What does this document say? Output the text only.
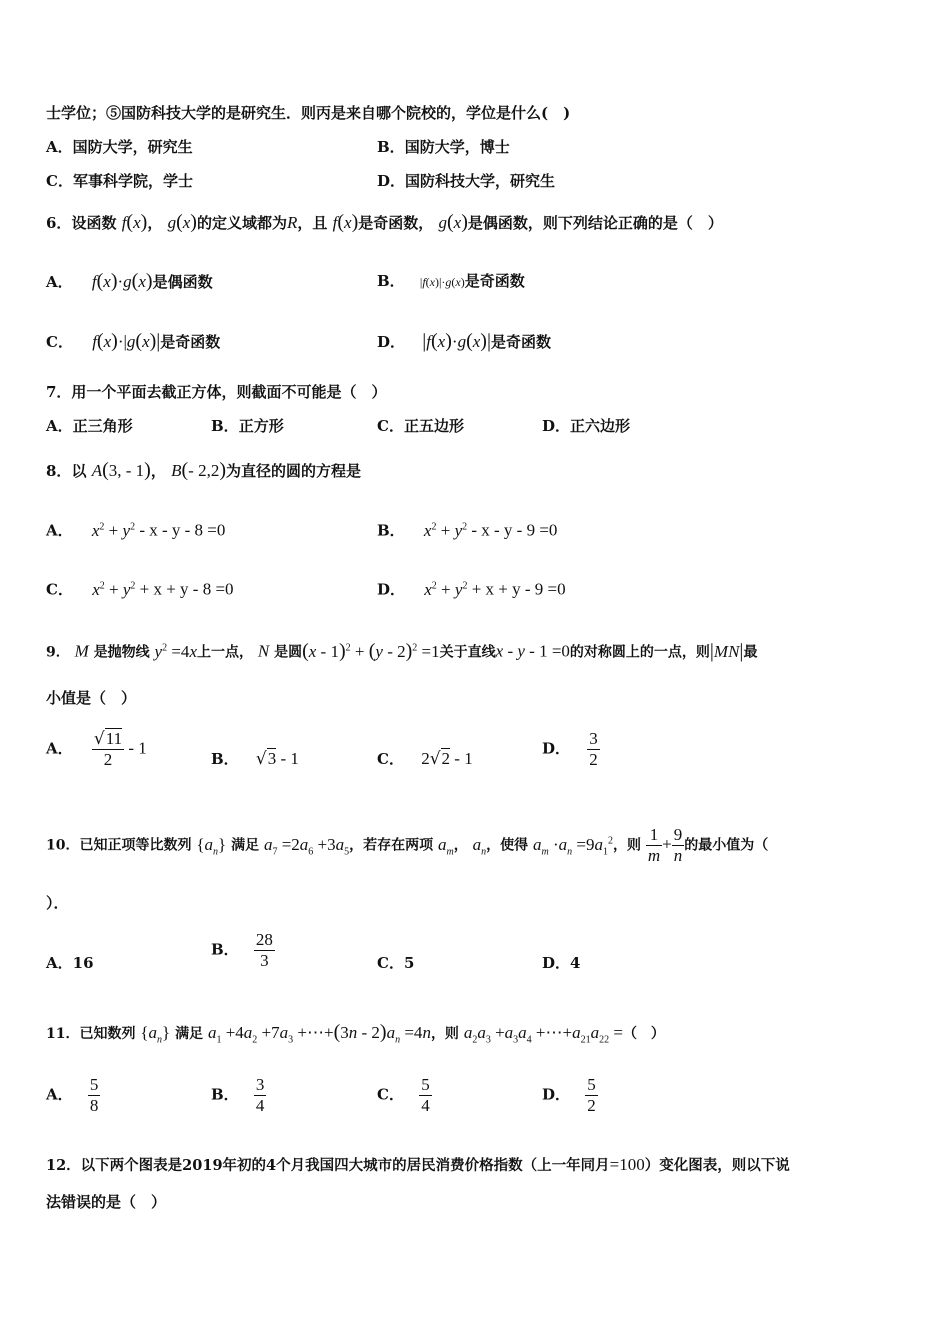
士学位；⑤国防科技大学的是研究生．则丙是来自哪个院校的，学位是什么(　)
A．国防大学，研究生	B．国防大学，博士
C．军事科学院，学士	D．国防科技大学，研究生
6．设函数 f(x)， g(x)的定义域都为R，且 f(x)是奇函数， g(x)是偶函数，则下列结论正确的是（　）
A． f(x)·g(x)是偶函数	B． |f(x)|·g(x)是奇函数
C． f(x)·|g(x)|是奇函数	D． |f(x)·g(x)|是奇函数
7．用一个平面去截正方体，则截面不可能是（　）
A．正三角形	B．正方形	C．正五边形	D．正六边形
8．以 A(3, - 1)， B(- 2,2)为直径的圆的方程是
A． $x^2 + y^2 - x - y - 8 =0$	B． $x^2 + y^2 - x - y - 9 =0$
C． $x^2 + y^2 + x + y - 8 =0$	D． $x^2 + y^2 + x + y - 9 =0$
9． M 是抛物线 $y^2 =4x$上一点， N 是圆(x - 1)$^2$ + (y - 2)$^2$ =1关于直线x - y - 1 =0的对称圆上的一点，则|MN|最
小值是（　）
A． $\frac{√11}{2} - 1$
B． √3 - 1	C． 2√2 - 1
D． $\frac{3}{2}$
10．已知正项等比数列 $\{a_n\}$ 满足 $a_7 =2a_6 +3a_5$，若存在两项 $a_m$， $a_n$，使得 $a_m \cdot a_n =9a_1^2$，则 $\frac{1}{m} + \frac{9}{n}$ 的最小值为（
）．
A．16
B． $\frac{28}{3}$	C．5	D．4
11．已知数列 $\{a_n\}$ 满足 $a_1 +4a_2 +7a_3$ +⋯+(3n - $2)a_n =4n$，则 $a_2a_3 +a_3a_4$ $+\cdots+a_{21}a_{22}$ =（　）
A． $\frac{5}{8}$	B． $\frac{3}{4}$	C． $\frac{5}{4}$	D． $\frac{5}{2}$
12．以下两个图表是2019年初的4个月我国四大城市的居民消费价格指数（上一年同月=100）变化图表，则以下说
法错误的是（　）
